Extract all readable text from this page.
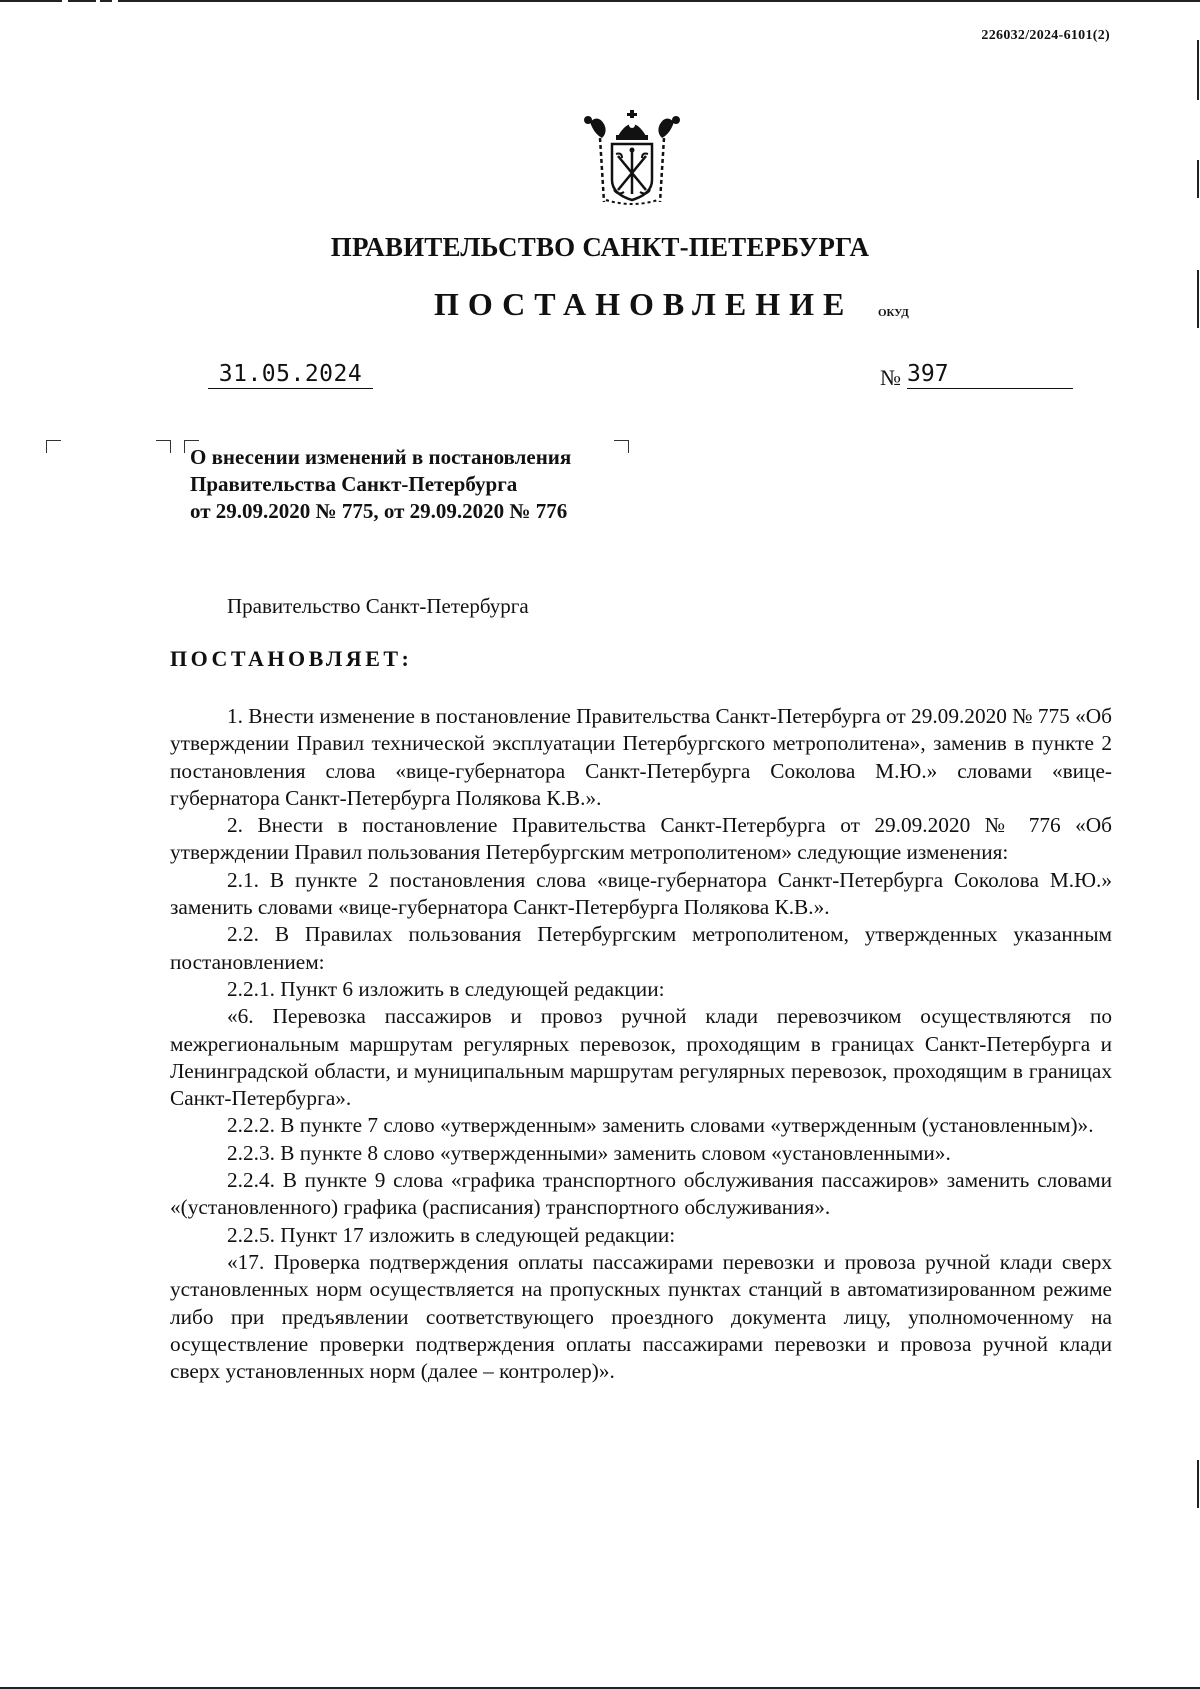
226032/2024-6101(2)
ПРАВИТЕЛЬСТВО САНКТ-ПЕТЕРБУРГА
ПОСТАНОВЛЕНИЕ ОКУД
31.05.2024	№ 397
О внесении изменений в постановления
Правительства Санкт-Петербурга
от 29.09.2020 № 775, от 29.09.2020 № 776
Правительство Санкт-Петербурга
ПОСТАНОВЛЯЕТ:

1. Внести изменение в постановление Правительства Санкт-Петербурга от 29.09.2020 № 775 «Об утверждении Правил технической эксплуатации Петербургского метрополитена», заменив в пункте 2 постановления слова «вице-губернатора Санкт-Петербурга Соколова М.Ю.» словами «вице-губернатора Санкт-Петербурга Полякова К.В.».

2. Внести в постановление Правительства Санкт-Петербурга от 29.09.2020 № 776 «Об утверждении Правил пользования Петербургским метрополитеном» следующие изменения:

2.1. В пункте 2 постановления слова «вице-губернатора Санкт-Петербурга Соколова М.Ю.» заменить словами «вице-губернатора Санкт-Петербурга Полякова К.В.».

2.2. В Правилах пользования Петербургским метрополитеном, утвержденных указанным постановлением:

2.2.1. Пункт 6 изложить в следующей редакции:

«6. Перевозка пассажиров и провоз ручной клади перевозчиком осуществляются по межрегиональным маршрутам регулярных перевозок, проходящим в границах Санкт-Петербурга и Ленинградской области, и муниципальным маршрутам регулярных перевозок, проходящим в границах Санкт-Петербурга».

2.2.2. В пункте 7 слово «утвержденным» заменить словами «утвержденным (установленным)».

2.2.3. В пункте 8 слово «утвержденными» заменить словом «установленными».

2.2.4. В пункте 9 слова «графика транспортного обслуживания пассажиров» заменить словами «(установленного) графика (расписания) транспортного обслуживания».

2.2.5. Пункт 17 изложить в следующей редакции:

«17. Проверка подтверждения оплаты пассажирами перевозки и провоза ручной клади сверх установленных норм осуществляется на пропускных пунктах станций в автоматизированном режиме либо при предъявлении соответствующего проездного документа лицу, уполномоченному на осуществление проверки подтверждения оплаты пассажирами перевозки и провоза ручной клади сверх установленных норм (далее – контролер)».
